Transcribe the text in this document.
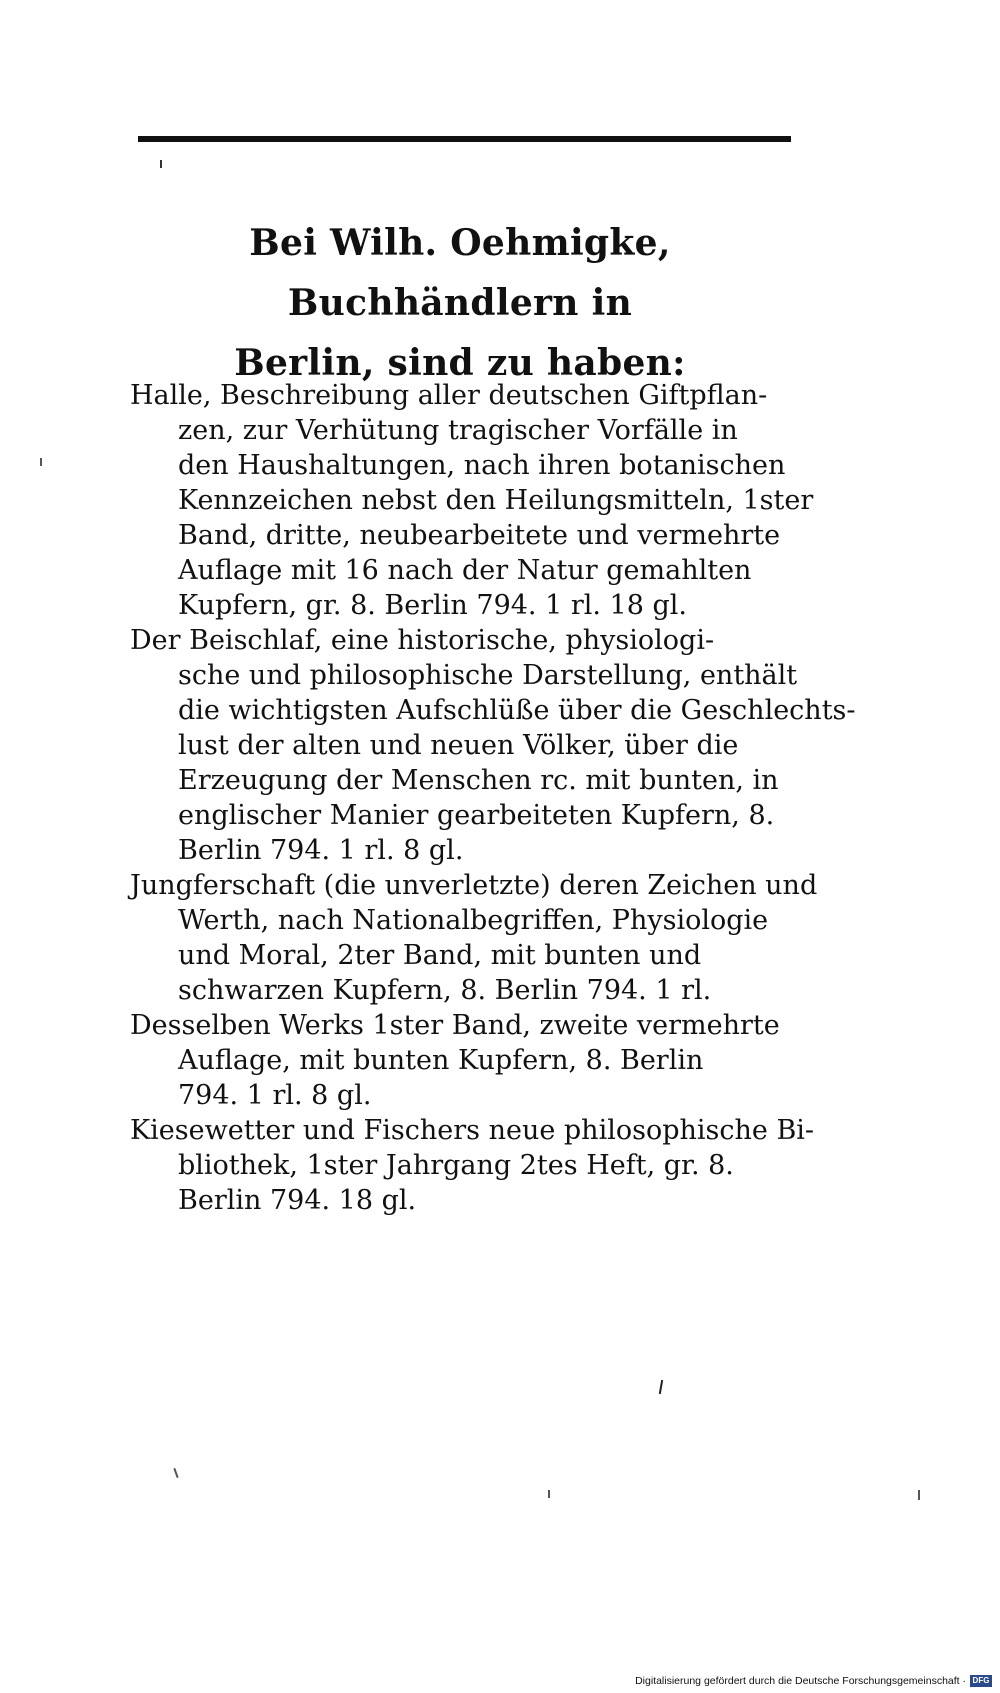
Bei Wilh. Oehmigke, Buchhändlern in
Berlin, sind zu haben:
Halle, Beschreibung aller deutschen Giftpflan-
zen, zur Verhütung tragischer Vorfälle in
den Haushaltungen, nach ihren botanischen
Kennzeichen nebst den Heilungsmitteln, 1ster
Band, dritte, neubearbeitete und vermehrte
Auflage mit 16 nach der Natur gemahlten
Kupfern, gr. 8. Berlin 794. 1 rl. 18 gl.
Der Beischlaf, eine historische, physiologi-
sche und philosophische Darstellung, enthält
die wichtigsten Aufschlüße über die Geschlechts-
lust der alten und neuen Völker, über die
Erzeugung der Menschen rc. mit bunten, in
englischer Manier gearbeiteten Kupfern, 8.
Berlin 794. 1 rl. 8 gl.
Jungferschaft (die unverletzte) deren Zeichen und
Werth, nach Nationalbegriffen, Physiologie
und Moral, 2ter Band, mit bunten und
schwarzen Kupfern, 8. Berlin 794. 1 rl.
Desselben Werks 1ster Band, zweite vermehrte
Auflage, mit bunten Kupfern, 8. Berlin
794. 1 rl. 8 gl.
Kiesewetter und Fischers neue philosophische Bi-
bliothek, 1ster Jahrgang 2tes Heft, gr. 8.
Berlin 794. 18 gl.
Digitalisierung gefördert durch die Deutsche Forschungsgemeinschaft · DFG
